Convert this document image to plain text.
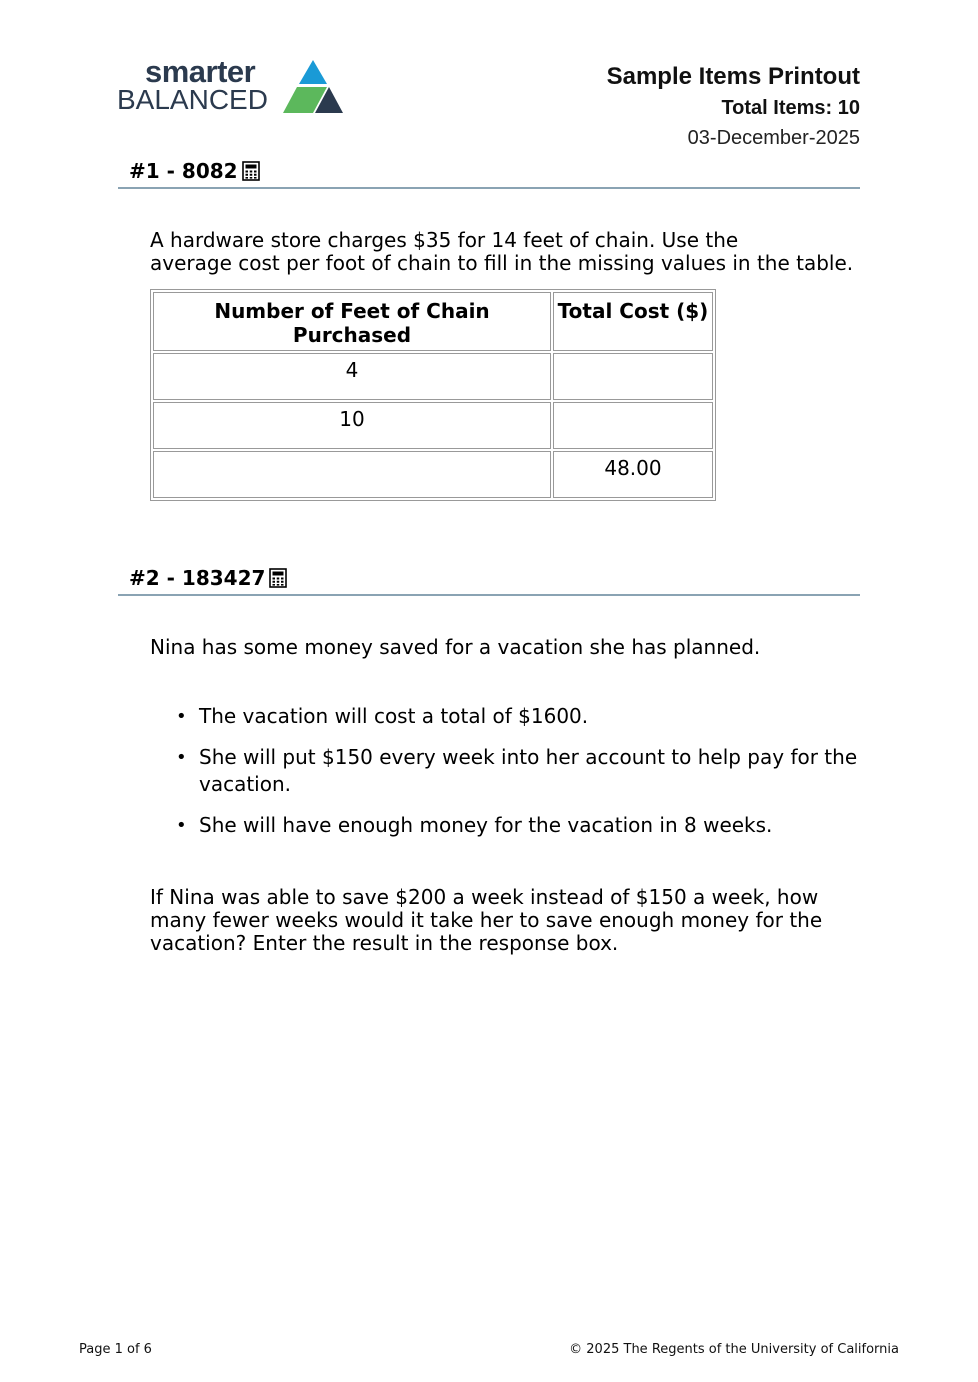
smarter
BALANCED
Sample Items Printout
Total Items: 10
03-December-2025
#1 - 8082
A hardware store charges $35 for 14 feet of chain. Use the
average cost per foot of chain to fill in the missing values in the table.
Number of Feet of Chain Purchased	Total Cost ($)
4	
10	
	48.00
#2 - 183427
Nina has some money saved for a vacation she has planned.
• The vacation will cost a total of $1600.
• She will put $150 every week into her account to help pay for the vacation.
• She will have enough money for the vacation in 8 weeks.
If Nina was able to save $200 a week instead of $150 a week, how many fewer weeks would it take her to save enough money for the vacation? Enter the result in the response box.
Page 1 of 6	© 2025 The Regents of the University of California
